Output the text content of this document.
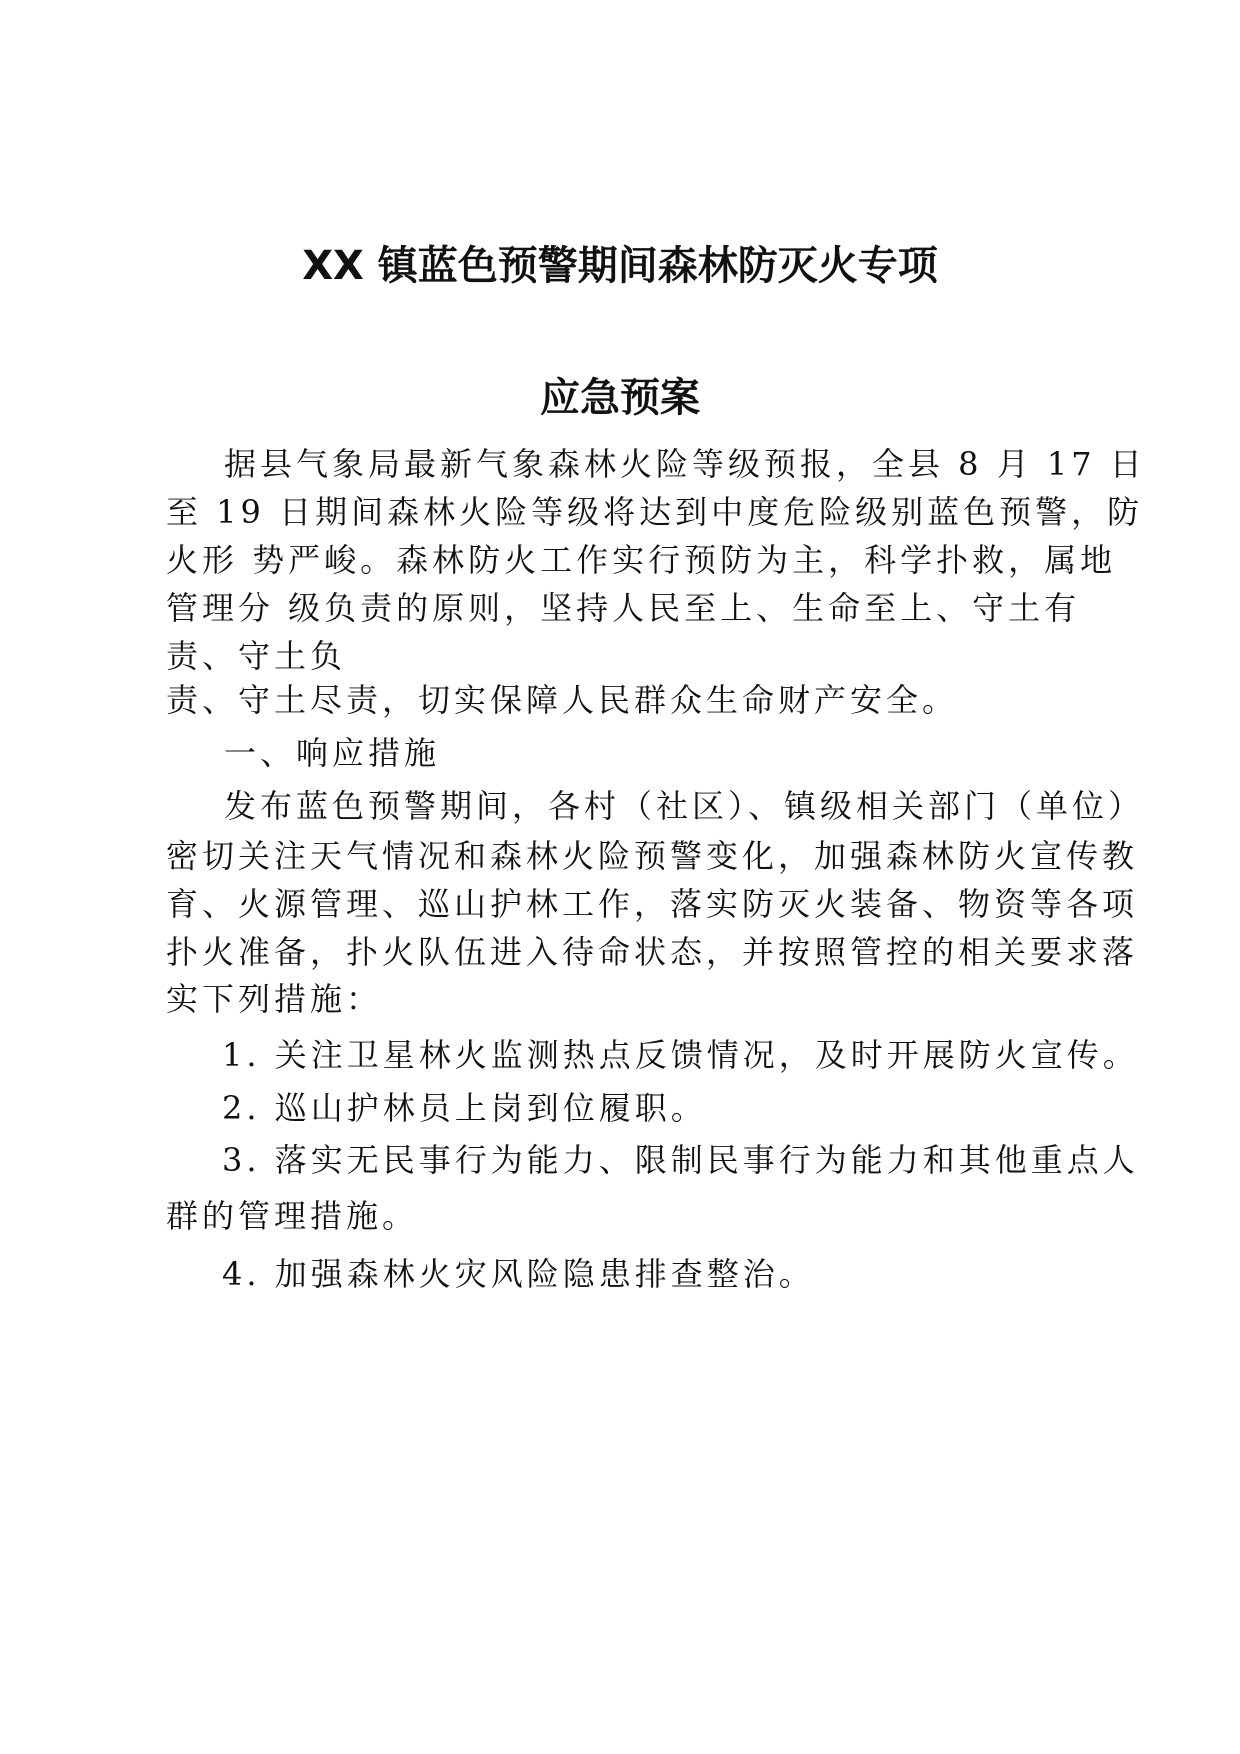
XX 镇蓝色预警期间森林防灭火专项
应急预案
据县气象局最新气象森林火险等级预报，全县 8 月 17 日
至 19 日期间森林火险等级将达到中度危险级别蓝色预警，防
火形 势严峻。森林防火工作实行预防为主，科学扑救，属地
管理分 级负责的原则，坚持人民至上、生命至上、守土有
责、守土负
责、守土尽责，切实保障人民群众生命财产安全。
一、响应措施
发布蓝色预警期间，各村（社区）、镇级相关部门（单位）
密切关注天气情况和森林火险预警变化，加强森林防火宣传教
育、火源管理、巡山护林工作，落实防灭火装备、物资等各项
扑火准备，扑火队伍进入待命状态，并按照管控的相关要求落
实下列措施：
1. 关注卫星林火监测热点反馈情况，及时开展防火宣传。
2. 巡山护林员上岗到位履职。
3. 落实无民事行为能力、限制民事行为能力和其他重点人
群的管理措施。
4. 加强森林火灾风险隐患排查整治。
